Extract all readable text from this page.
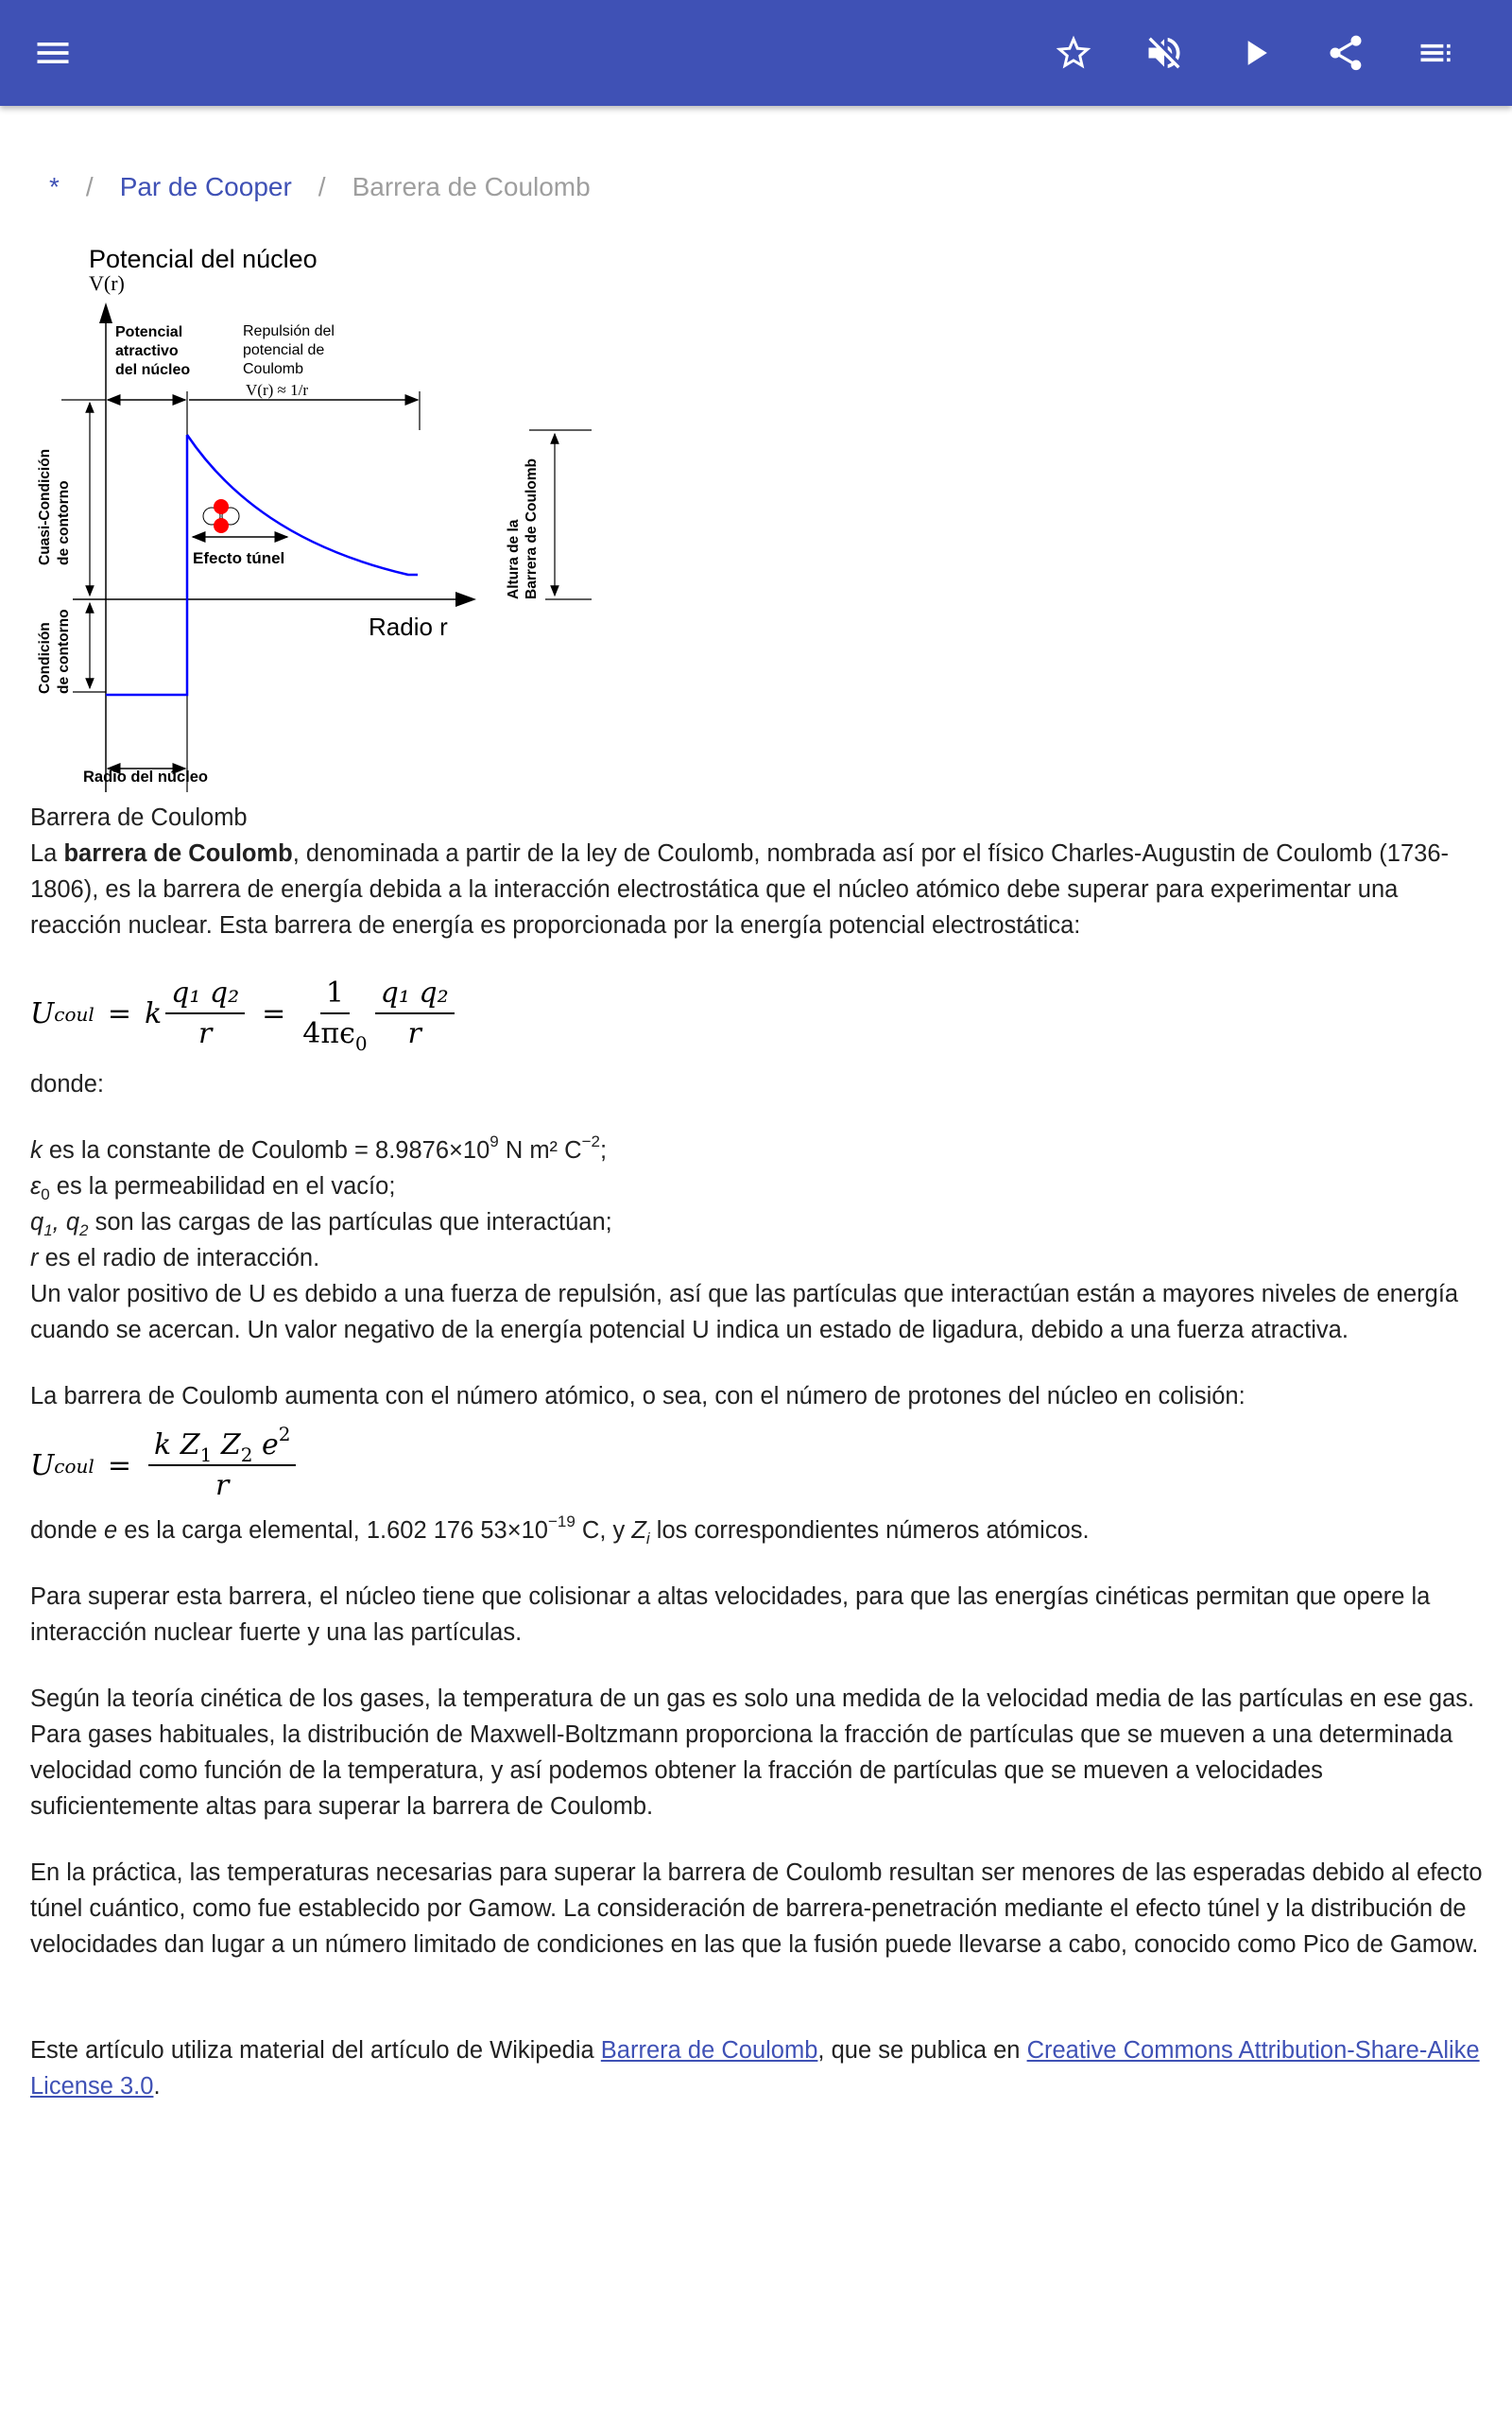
* / Par de Cooper / Barrera de Coulomb
Potencial del núcleo
V(r)
Radio r
Potencial
atractivo
del núcleo
Repulsión del
potencial de
Coulomb
V(r) ≈ 1/r
Cuasi-Condición de contorno
Condición de contorno
Efecto túnel	Altura de la Barrera de Coulomb
Radio del núcleo

Barrera de Coulomb

La barrera de Coulomb, denominada a partir de la ley de Coulomb, nombrada así por el físico Charles-Augustin de Coulomb (1736-1806), es la barrera de energía debida a la interacción electrostática que el núcleo atómico debe superar para experimentar una reacción nuclear. Esta barrera de energía es proporcionada por la energía potencial electrostática:

U coul = k $\frac{\text{q₁ q₂}}{r} = \frac{1}{4\pi\epsilon_0} \frac{\text{q₁ q₂}}{r}$

donde:

k es la constante de Coulomb = $8.9876\times 10^9$ N m² $C^{-2}$;

$\varepsilon_0$ es la permeabilidad en el vacío;

$q_1$, $q_2$ son las cargas de las partículas que interactúan;

r es el radio de interacción.

Un valor positivo de U es debido a una fuerza de repulsión, así que las partículas que interactúan están a mayores niveles de energía cuando se acercan. Un valor negativo de la energía potencial U indica un estado de ligadura, debido a una fuerza atractiva.

La barrera de Coulomb aumenta con el número atómico, o sea, con el número de protones del núcleo en colisión:

U coul = $\frac{k Z_1 Z_2 e^2}{r}$

donde e es la carga elemental, 1.602 176 $53\times 10^{-19}$ C, y $Z_i$ los correspondientes números atómicos.

Para superar esta barrera, el núcleo tiene que colisionar a altas velocidades, para que las energías cinéticas permitan que opere la interacción nuclear fuerte y una las partículas.

Según la teoría cinética de los gases, la temperatura de un gas es solo una medida de la velocidad media de las partículas en ese gas. Para gases habituales, la distribución de Maxwell-Boltzmann proporciona la fracción de partículas que se mueven a una determinada velocidad como función de la temperatura, y así podemos obtener la fracción de partículas que se mueven a velocidades suficientemente altas para superar la barrera de Coulomb.

En la práctica, las temperaturas necesarias para superar la barrera de Coulomb resultan ser menores de las esperadas debido al efecto túnel cuántico, como fue establecido por Gamow. La consideración de barrera-penetración mediante el efecto túnel y la distribución de velocidades dan lugar a un número limitado de condiciones en las que la fusión puede llevarse a cabo, conocido como Pico de Gamow.

Este artículo utiliza material del artículo de Wikipedia Barrera de Coulomb, que se publica en Creative Commons Attribution-Share-Alike License 3.0.
